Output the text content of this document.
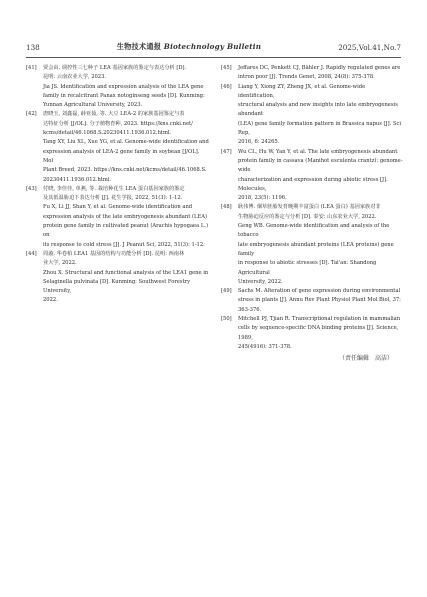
138	生物技术通报 Biotechnology Bulletin	2025,Vol.41,No.7
[41]	贾会由. 调控性三七种子 LEA 基因家族的鉴定与表达分析 [D].
昆明: 云南农业大学, 2023.
Jia JS. Identification and expression analysis of the LEA gene
family in recalcitrant Panax notoginseng seeds [D]. Kunming:
Yunnan Agricultural University, 2023.
[42]	唐晓玉, 刘鑫磊, 薛亚茹, 等. 大豆 LEA-2 的家族基因鉴定与表
达特征分析 [J/OL]. 分子植物育种, 2023. https://kns.cnki.net/
kcms/detail/46.1068.S.20230411.1936.012.html.
Tang XY, Liu XL, Xue YG, et al. Genome-wide identification and
expression analysis of LEA-2 gene family in soybean [J/OL]. Mol
Plant Breed, 2023. https://kns.cnki.net/kcms/detail/46.1068.S.
20230411.1936.012.html.
[43]	付晓, 李佳佳, 单燕, 等. 栽培种花生 LEA 蛋白基因家族的鉴定
及其低温胁迫下表达分析 [J]. 花生学报, 2022, 51(3): 1-12.
Fu X, Li JJ, Shan Y, et al. Genome-wide identification and
expression analysis of the late embryogenesis abundant (LEA)
protein gene family in cultivated peanut (Arachis hypogaea L.) on
its response to cold stress [J]. J Peanut Sci, 2022, 51(3): 1-12.
[44]	周漩. 华卷柏 LEA1 基因的结构与功能分析 [D]. 昆明: 西南林
业大学, 2022.
Zhou X. Structural and functional analysis of the LEA1 gene in
Selaginella pulvinata [D]. Kunming: Southwest Forestry University,
2022.
[45]	Jeffares DC, Penkett CJ, Bähler J. Rapidly regulated genes are
intron poor [J]. Trends Genet, 2008, 24(8): 375-378.
[46]	Liang Y, Xiong ZY, Zheng JX, et al. Genome-wide identification,
structural analysis and new insights into late embryogenesis abundant
(LEA) gene family formation pattern in Brassica napus [J]. Sci Rep,
2016, 6: 24265.
[47]	Wu CL, Hu W, Yan Y, et al. The late embryogenesis abundant
protein family in cassava (Manihot esculenta crantz): genome-wide
characterization and expression during abiotic stress [J]. Molecules,
2018, 23(5): 1196.
[48]	耿伟博. 烟草胚胎发育晚期丰富蛋白 (LEA 蛋白) 基因家族对非
生物胁迫反应的鉴定与分析 [D]. 泰安: 山东农业大学, 2022.
Geng WB. Genome-wide identification and analysis of the tobacco
late embryogenesis abundant proteins (LEA proteins) gene family
in response to abiotic stresses [D]. Tai'an: Shandong Agricultural
University, 2022.
[49]	Sachs M. Alteration of gene expression during environmental
stress in plants [J]. Annu Rev Plant Physiol Plant Mol Biol, 37:
363-376.
[50]	Mitchell PJ, Tjian R. Transcriptional regulation in mammalian
cells by sequence-specific DNA binding proteins [J]. Science, 1989,
245(4916): 371-378.
（责任编辑　高洁）
